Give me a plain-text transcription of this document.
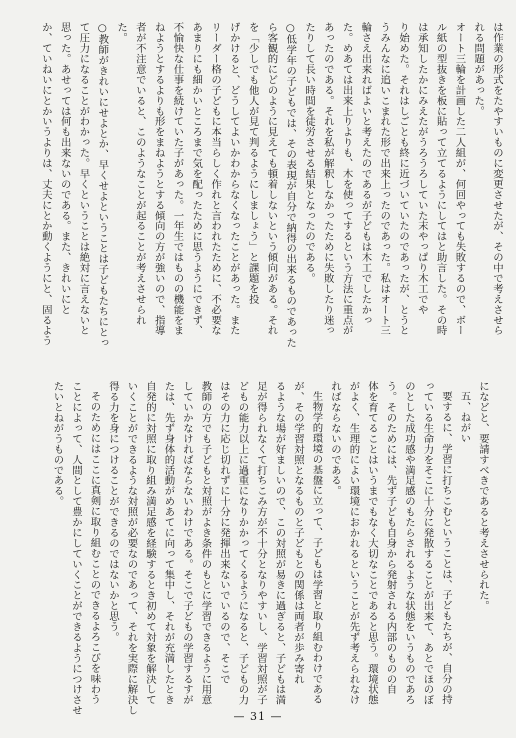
は作業の形式をたやすいものに変更させたが、その中で考えさせら
れる問題があった。
オート三輪を計画した二人組が、何回やっても失敗するので、ボー
ル紙の型抜きを板に貼って立てるようにしてはと助言した。その時
は承知したかにみえたがうろうろしていた末やっぱり木工でや
り始めた。それはしごとも終に近づいていたのであったが、とうと
うみんなに追いこまれた形で出来上ったのであった。私はオート三
輪さえ出来ればよいと考えたのであるが子どもは木工でしたかっ
た。めあては出来上りよりも、木を使ってするという方法に重点が
あったのである。それを私が解釈しなかったために失敗したり迷っ
たりして長い時間を徒労させる結果となったのである。
○低学年の子どもでは、その表現が自分で納得の出来るものであった
ら客観的にどのように見えても頓着しないという傾向がある。それ
を「少しでも他人が見て判るようにしましょう」と課題を投
げかけると、どうしてよいかわからなくなったことがあった。また
リーダー格の子どもに本当らしく作れと言われたために、不必要な
あまりにも細かいところまで気を配ったために思うようにできず、
不愉快な仕事を続けていた子があった。一年生ではものの機能をま
ねようとするよりも形をまねようとする傾向の方が強いので、指導
者が不注意でいると、このようなことが起ることが考えさせられ
た。
○教師がきれいにせよとか、早くせよということは子どもたちにとっ
て圧力になることがわかった。早くということは絶対に言えないと
思った。あせっては何も出来ないのである。また、きれいにと
か、ていねいにとかいうよりは、丈夫にとか動くようにと、固るよう
になどと、要請すべきであると考えさせられた。
五、ねがい
要するに、学習に打ちこむということは、子どもたちが、自分の持
っている生命力をそこに十分に発散することが出来て、あとでほのぼ
のとした成功感や満足感のもたらされるような状態をいうものであろ
う。そのためには、先ず子ども自身から発射される内部のものの自
体を育てることはいうまでもなく大切なことであると思う。環境状態
がよく、生理的によい環境におかれるということが先ず考えられなけ
ればならないのである。
生物学的環境の基盤に立って、子どもは学習と取り組むわけである
が、その学習対照となるものと子どもとの関係は両者が歩み寄れ
るような場が好ましいので、この対照が易きに過ぎると、子どもは満
足が得られなくて打ちこみ方が不十分となりやすいし、学習対照が子
どもの能力以上に過重になりかかってくるようになると、子どもの力
はその力に応じ切れずに十分に発揮出来ないでいるので、そこで
教師の方でも子どもと対照がよき条件のもとに学習できるように用意
していかなければならないわけである。そこで子どもの学習するすが
たは、先ず身体的活動がめあてに向って集中し、それが充満したとき
自発的に対照に取り組み満足感を経験するとき初めて対象を解決して
いくことができるような対照が必要なのであって、それを実際に解決し
得る力を身につけることができるのではないかと思う。
そのためにはここに真剣に取り組むことのできるよろこびを味わう
ことによって、人間として豊かにしていくことができるようにつけさせ
たいとねがうものである。
— 31 —
